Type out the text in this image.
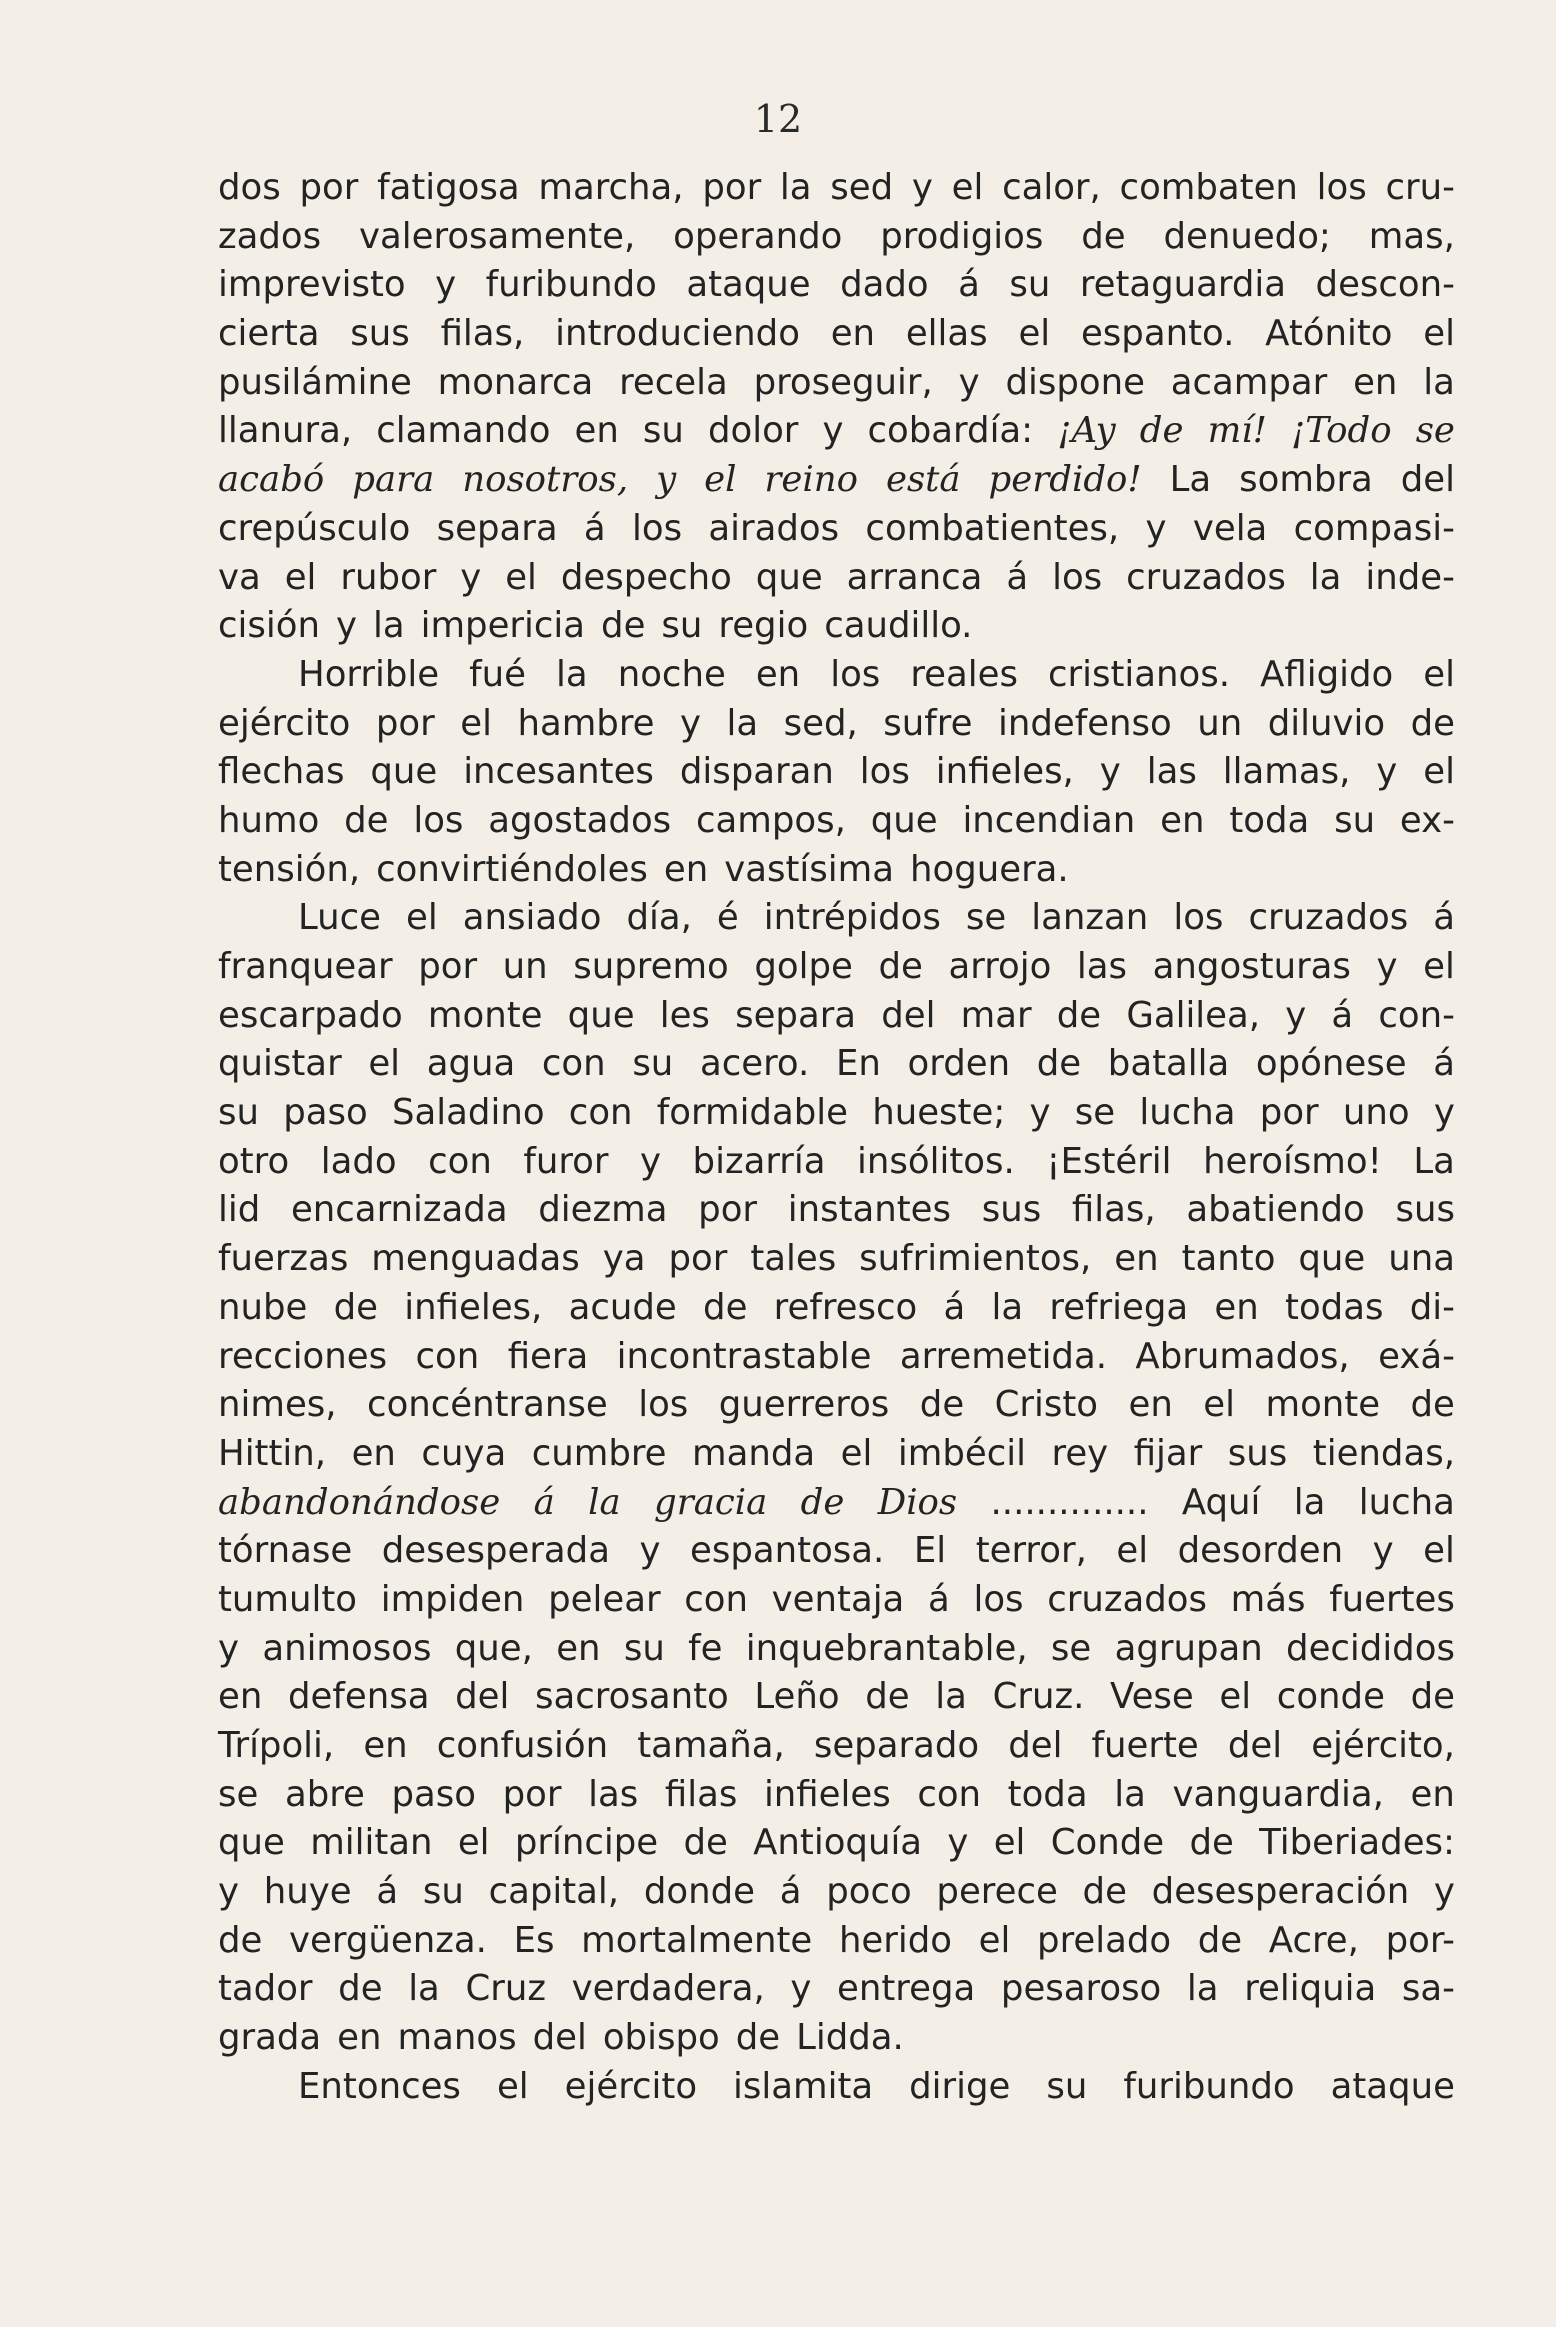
12
dos por fatigosa marcha, por la sed y el calor, combaten los cru-
zados valerosamente, operando prodigios de denuedo; mas,
imprevisto y furibundo ataque dado á su retaguardia descon-
cierta sus filas, introduciendo en ellas el espanto. Atónito el
pusilámine monarca recela proseguir, y dispone acampar en la
llanura, clamando en su dolor y cobardía: ¡Ay de mí! ¡Todo se
acabó para nosotros, y el reino está perdido! La sombra del
crepúsculo separa á los airados combatientes, y vela compasi-
va el rubor y el despecho que arranca á los cruzados la inde-
cisión y la impericia de su regio caudillo.
Horrible fué la noche en los reales cristianos. Afligido el
ejército por el hambre y la sed, sufre indefenso un diluvio de
flechas que incesantes disparan los infieles, y las llamas, y el
humo de los agostados campos, que incendian en toda su ex-
tensión, convirtiéndoles en vastísima hoguera.
Luce el ansiado día, é intrépidos se lanzan los cruzados á
franquear por un supremo golpe de arrojo las angosturas y el
escarpado monte que les separa del mar de Galilea, y á con-
quistar el agua con su acero. En orden de batalla opónese á
su paso Saladino con formidable hueste; y se lucha por uno y
otro lado con furor y bizarría insólitos. ¡Estéril heroísmo! La
lid encarnizada diezma por instantes sus filas, abatiendo sus
fuerzas menguadas ya por tales sufrimientos, en tanto que una
nube de infieles, acude de refresco á la refriega en todas di-
recciones con fiera incontrastable arremetida. Abrumados, exá-
nimes, concéntranse los guerreros de Cristo en el monte de
Hittin, en cuya cumbre manda el imbécil rey fijar sus tiendas,
abandonándose á la gracia de Dios .............. Aquí la lucha
tórnase desesperada y espantosa. El terror, el desorden y el
tumulto impiden pelear con ventaja á los cruzados más fuertes
y animosos que, en su fe inquebrantable, se agrupan decididos
en defensa del sacrosanto Leño de la Cruz. Vese el conde de
Trípoli, en confusión tamaña, separado del fuerte del ejército,
se abre paso por las filas infieles con toda la vanguardia, en
que militan el príncipe de Antioquía y el Conde de Tiberiades:
y huye á su capital, donde á poco perece de desesperación y
de vergüenza. Es mortalmente herido el prelado de Acre, por-
tador de la Cruz verdadera, y entrega pesaroso la reliquia sa-
grada en manos del obispo de Lidda.
Entonces el ejército islamita dirige su furibundo ataque
